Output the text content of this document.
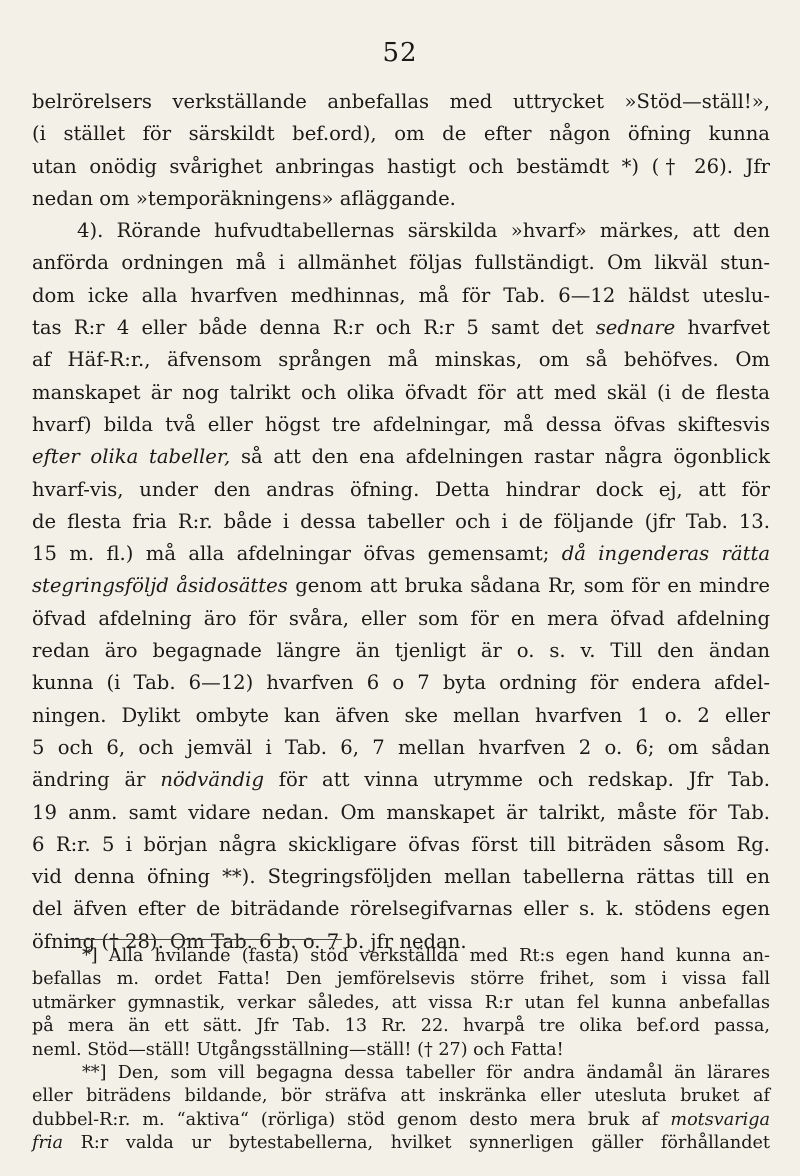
52
belrörelsers verkställande anbefallas med uttrycket »Stöd—ställ!»,
(i stället för särskildt bef.ord), om de efter någon öfning kunna
utan onödig svårighet anbringas hastigt och bestämdt *) († 26). Jfr
nedan om »temporäkningens» afläggande.
4). Rörande hufvudtabellernas särskilda »hvarf» märkes, att den
anförda ordningen må i allmänhet följas fullständigt. Om likväl stun-
dom icke alla hvarfven medhinnas, må för Tab. 6—12 häldst uteslu-
tas R:r 4 eller både denna R:r och R:r 5 samt det sednare hvarfvet
af Häf-R:r., äfvensom sprången må minskas, om så behöfves. Om
manskapet är nog talrikt och olika öfvadt för att med skäl (i de flesta
hvarf) bilda två eller högst tre afdelningar, må dessa öfvas skiftesvis
efter olika tabeller, så att den ena afdelningen rastar några ögonblick
hvarf-vis, under den andras öfning. Detta hindrar dock ej, att för
de flesta fria R:r. både i dessa tabeller och i de följande (jfr Tab. 13.
15 m. fl.) må alla afdelningar öfvas gemensamt; då ingenderas rätta
stegringsföljd åsidosättes genom att bruka sådana Rr, som för en mindre
öfvad afdelning äro för svåra, eller som för en mera öfvad afdelning
redan äro begagnade längre än tjenligt är o. s. v. Till den ändan
kunna (i Tab. 6—12) hvarfven 6 o 7 byta ordning för endera afdel-
ningen. Dylikt ombyte kan äfven ske mellan hvarfven 1 o. 2 eller
5 och 6, och jemväl i Tab. 6, 7 mellan hvarfven 2 o. 6; om sådan
ändring är nödvändig för att vinna utrymme och redskap. Jfr Tab.
19 anm. samt vidare nedan. Om manskapet är talrikt, måste för Tab.
6 R:r. 5 i början några skickligare öfvas först till biträden såsom Rg.
vid denna öfning **). Stegringsföljden mellan tabellerna rättas till en
del äfven efter de biträdande rörelsegifvarnas eller s. k. stödens egen
öfning († 28). Om Tab. 6 b. o. 7 b. jfr nedan.
*] Alla hvilande (fasta) stöd verkställda med Rt:s egen hand kunna an-
befallas m. ordet Fatta! Den jemförelsevis större frihet, som i vissa fall
utmärker gymnastik, verkar således, att vissa R:r utan fel kunna anbefallas
på mera än ett sätt. Jfr Tab. 13 Rr. 22. hvarpå tre olika bef.ord passa,
neml. Stöd—ställ! Utgångsställning—ställ! († 27) och Fatta!
**] Den, som vill begagna dessa tabeller för andra ändamål än lärares
eller biträdens bildande, bör sträfva att inskränka eller utesluta bruket af
dubbel-R:r. m. “aktiva“ (rörliga) stöd genom desto mera bruk af motsvariga
fria R:r valda ur bytestabellerna, hvilket synnerligen gäller förhållandet
